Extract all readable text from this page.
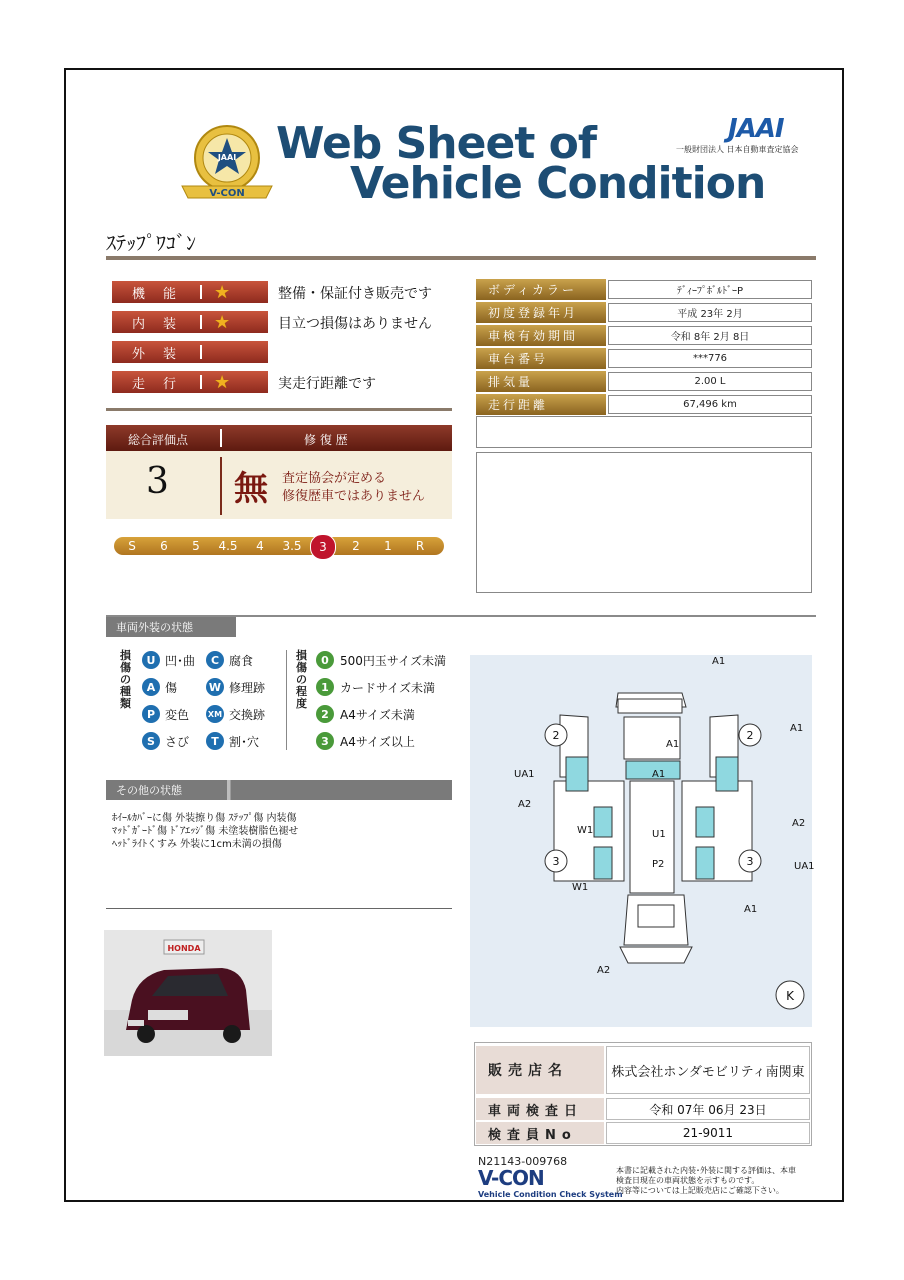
JAAI
V-CON
Web Sheet of
Vehicle Condition
JAAI
一般財団法人 日本自動車査定協会
ｽﾃｯﾌﾟﾜｺﾞﾝ
機能	★	整備・保証付き販売です
内装	★	目立つ損傷はありません
外装
走行	★	実走行距離です
ボディカラー	ﾃﾞｨｰﾌﾟﾎﾞﾙﾄﾞｰP
初度登録年月	平成 23年 2月
車検有効期間	令和 8年 2月 8日
車台番号	***776
排気量	2.00 L
走行距離	67,496 km
総合評価点	修 復 歴
3 無 査定協会が定める
修復歴車ではありません
S	6	5	4.5	4	3.5	3	2	1	R
車両外装の状態
損傷の種類
U 凹･曲	C 腐食
A 傷	W 修理跡
P 変色 XM 交換跡
S さび	T 割･穴
損傷の程度
0 500円玉サイズ未満
1 カードサイズ未満
2 A4サイズ未満
3 A4サイズ以上
その他の状態
ﾎｲｰﾙｶﾊﾞｰに傷 外装擦り傷 ｽﾃｯﾌﾟ傷 内装傷
ﾏｯﾄﾞｶﾞｰﾄﾞ傷 ﾄﾞｱｴｯｼﾞ傷 未塗装樹脂色褪せ
ﾍｯﾄﾞﾗｲﾄくすみ 外装に1cm未満の損傷
HONDA
A1
A1
A1
A1
A1
UA1
A2
A2
UA1
W1
W1
U1
P2
A2
2	2
3	3
K
販売店名	株式会社ホンダモビリティ南関東
車両検査日	令和 07年 06月 23日
検査員No	21-9011
N21143-009768
V-CON
Vehicle Condition Check System
本書に記載された内装･外装に関する評価は、本車
検査日現在の車両状態を示すものです。
内容等については上記販売店にご確認下さい。
